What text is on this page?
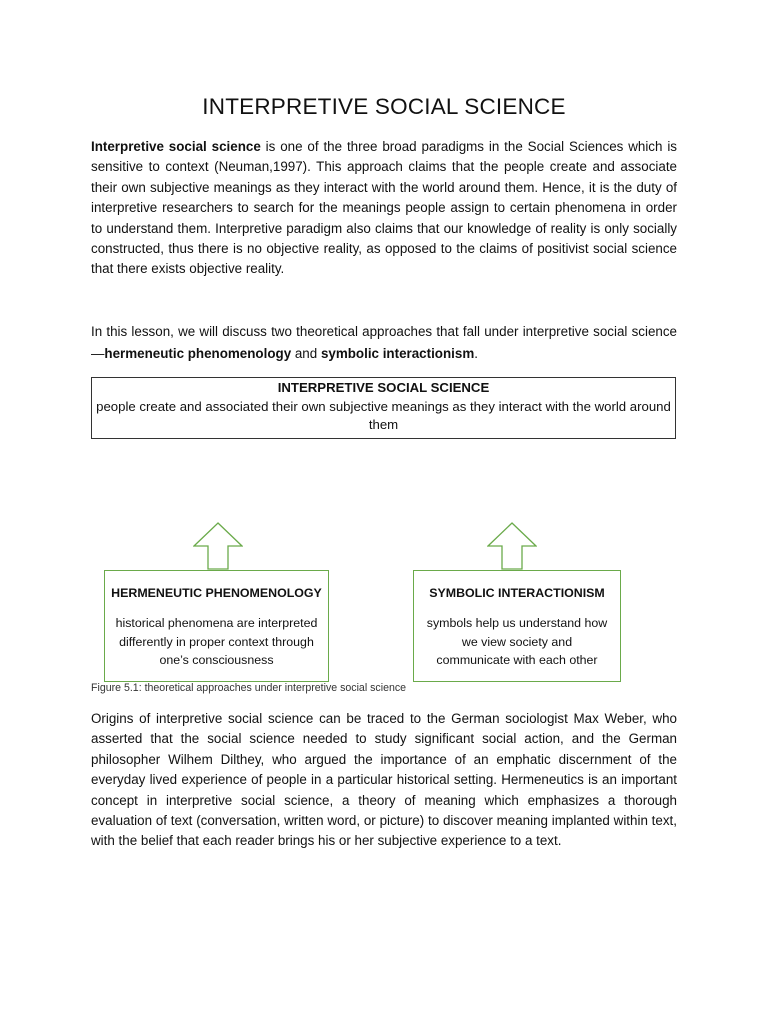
INTERPRETIVE SOCIAL SCIENCE

Interpretive social science is one of the three broad paradigms in the Social Sciences which is sensitive to context (Neuman,1997). This approach claims that the people create and associate their own subjective meanings as they interact with the world around them. Hence, it is the duty of interpretive researchers to search for the meanings people assign to certain phenomena in order to understand them. Interpretive paradigm also claims that our knowledge of reality is only socially constructed, thus there is no objective reality, as opposed to the claims of positivist social science that there exists objective reality.

In this lesson, we will discuss two theoretical approaches that fall under interpretive social science—hermeneutic phenomenology and symbolic interactionism.

INTERPRETIVE SOCIAL SCIENCE
people create and associated their own subjective meanings as they interact with the world around them
HERMENEUTIC PHENOMENOLOGY
historical phenomena are interpreted differently in proper context through one’s consciousness
SYMBOLIC INTERACTIONISM
symbols help us understand how we view society and communicate with each other
Figure 5.1: theoretical approaches under interpretive social science

Origins of interpretive social science can be traced to the German sociologist Max Weber, who asserted that the social science needed to study significant social action, and the German philosopher Wilhem Dilthey, who argued the importance of an emphatic discernment of the everyday lived experience of people in a particular historical setting. Hermeneutics is an important concept in interpretive social science, a theory of meaning which emphasizes a thorough evaluation of text (conversation, written word, or picture) to discover meaning implanted within text, with the belief that each reader brings his or her subjective experience to a text.
